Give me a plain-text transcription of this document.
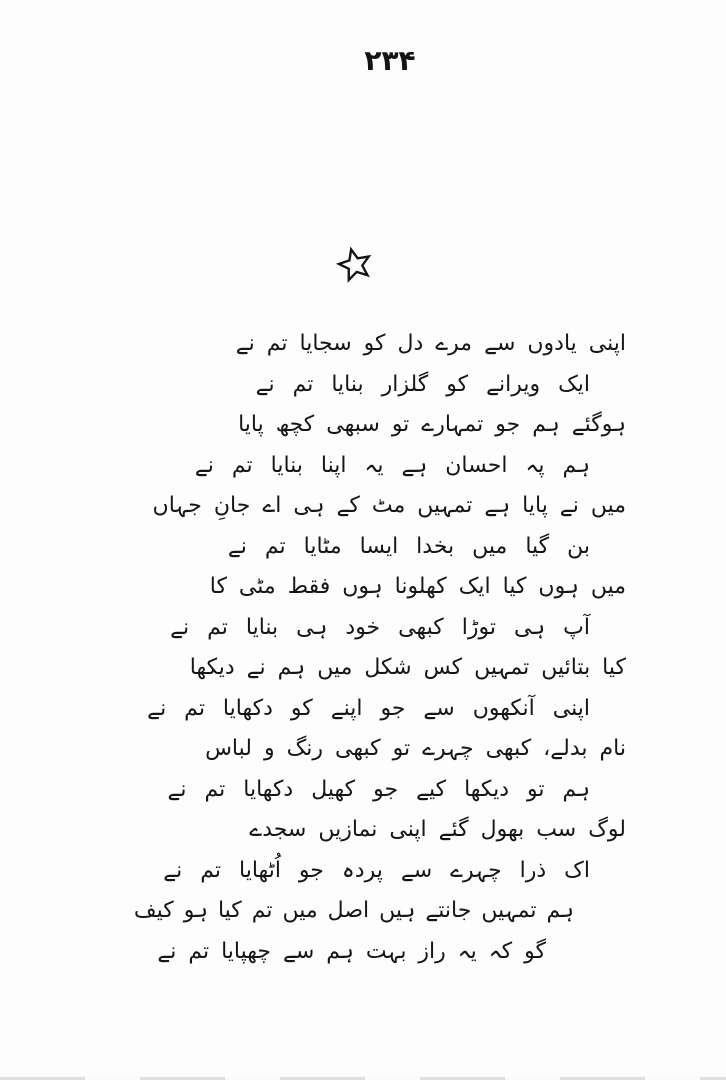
۲۳۴
اپنی یادوں سے مرے دل کو سجایا تم نے
ایک ویرانے کو گلزار بنایا تم نے
ہوگئے ہم جو تمہارے تو سبھی کچھ پایا
ہم پہ احسان ہے یہ اپنا بنایا تم نے
میں نے پایا ہے تمہیں مٹ کے ہی اے جانِ جہاں
بن گیا میں بخدا ایسا مٹایا تم نے
میں ہوں کیا ایک کھلونا ہوں فقط مٹی کا
آپ ہی توڑا کبھی خود ہی بنایا تم نے
کیا بتائیں تمہیں کس شکل میں ہم نے دیکھا
اپنی آنکھوں سے جو اپنے کو دکھایا تم نے
نام بدلے، کبھی چہرے تو کبھی رنگ و لباس
ہم تو دیکھا کیے جو کھیل دکھایا تم نے
لوگ سب بھول گئے اپنی نمازیں سجدے
اک ذرا چہرے سے پردہ جو اُٹھایا تم نے
ہم تمہیں جانتے ہیں اصل میں تم کیا ہو کیف
گو کہ یہ راز بہت ہم سے چھپایا تم نے
